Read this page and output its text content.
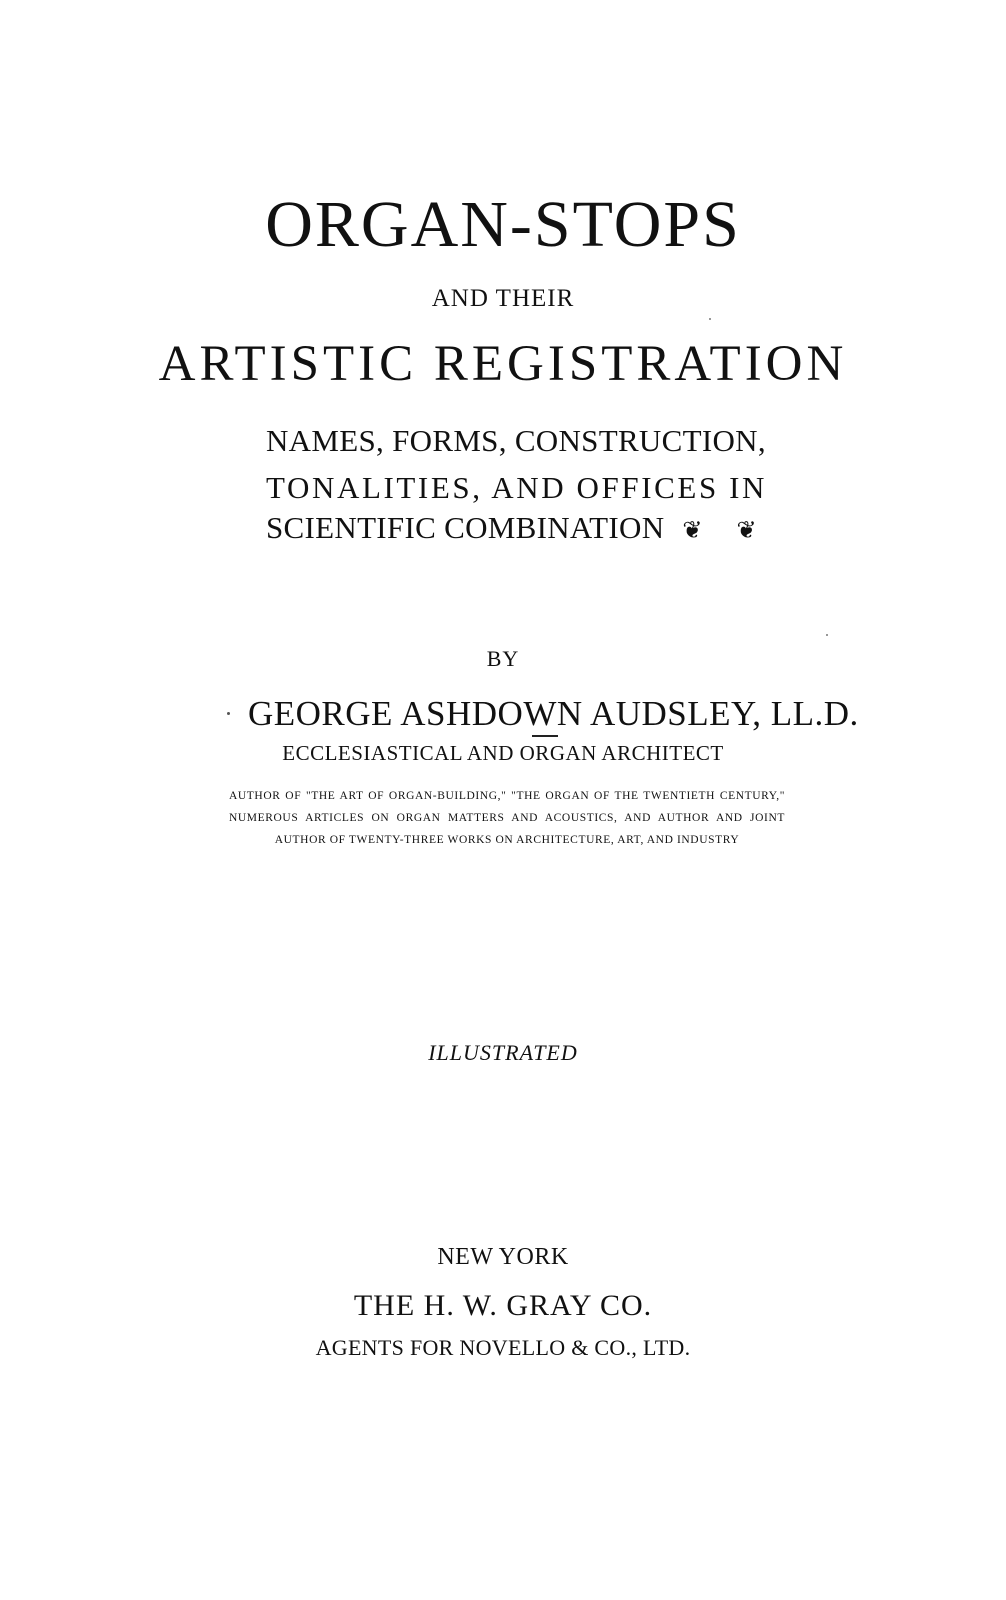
ORGAN-STOPS
AND THEIR
ARTISTIC REGISTRATION
NAMES, FORMS, CONSTRUCTION,
TONALITIES, AND OFFICES IN
SCIENTIFIC COMBINATION ❦ ❦
BY
GEORGE ASHDOWN AUDSLEY, LL.D.
ECCLESIASTICAL AND ORGAN ARCHITECT
AUTHOR OF "THE ART OF ORGAN-BUILDING," "THE ORGAN OF THE TWENTIETH CENTURY," NUMEROUS ARTICLES ON ORGAN MATTERS AND ACOUSTICS, AND AUTHOR AND JOINT AUTHOR OF TWENTY-THREE WORKS ON ARCHITECTURE, ART, AND INDUSTRY
ILLUSTRATED
NEW YORK
THE H. W. GRAY CO.
AGENTS FOR NOVELLO & CO., LTD.
